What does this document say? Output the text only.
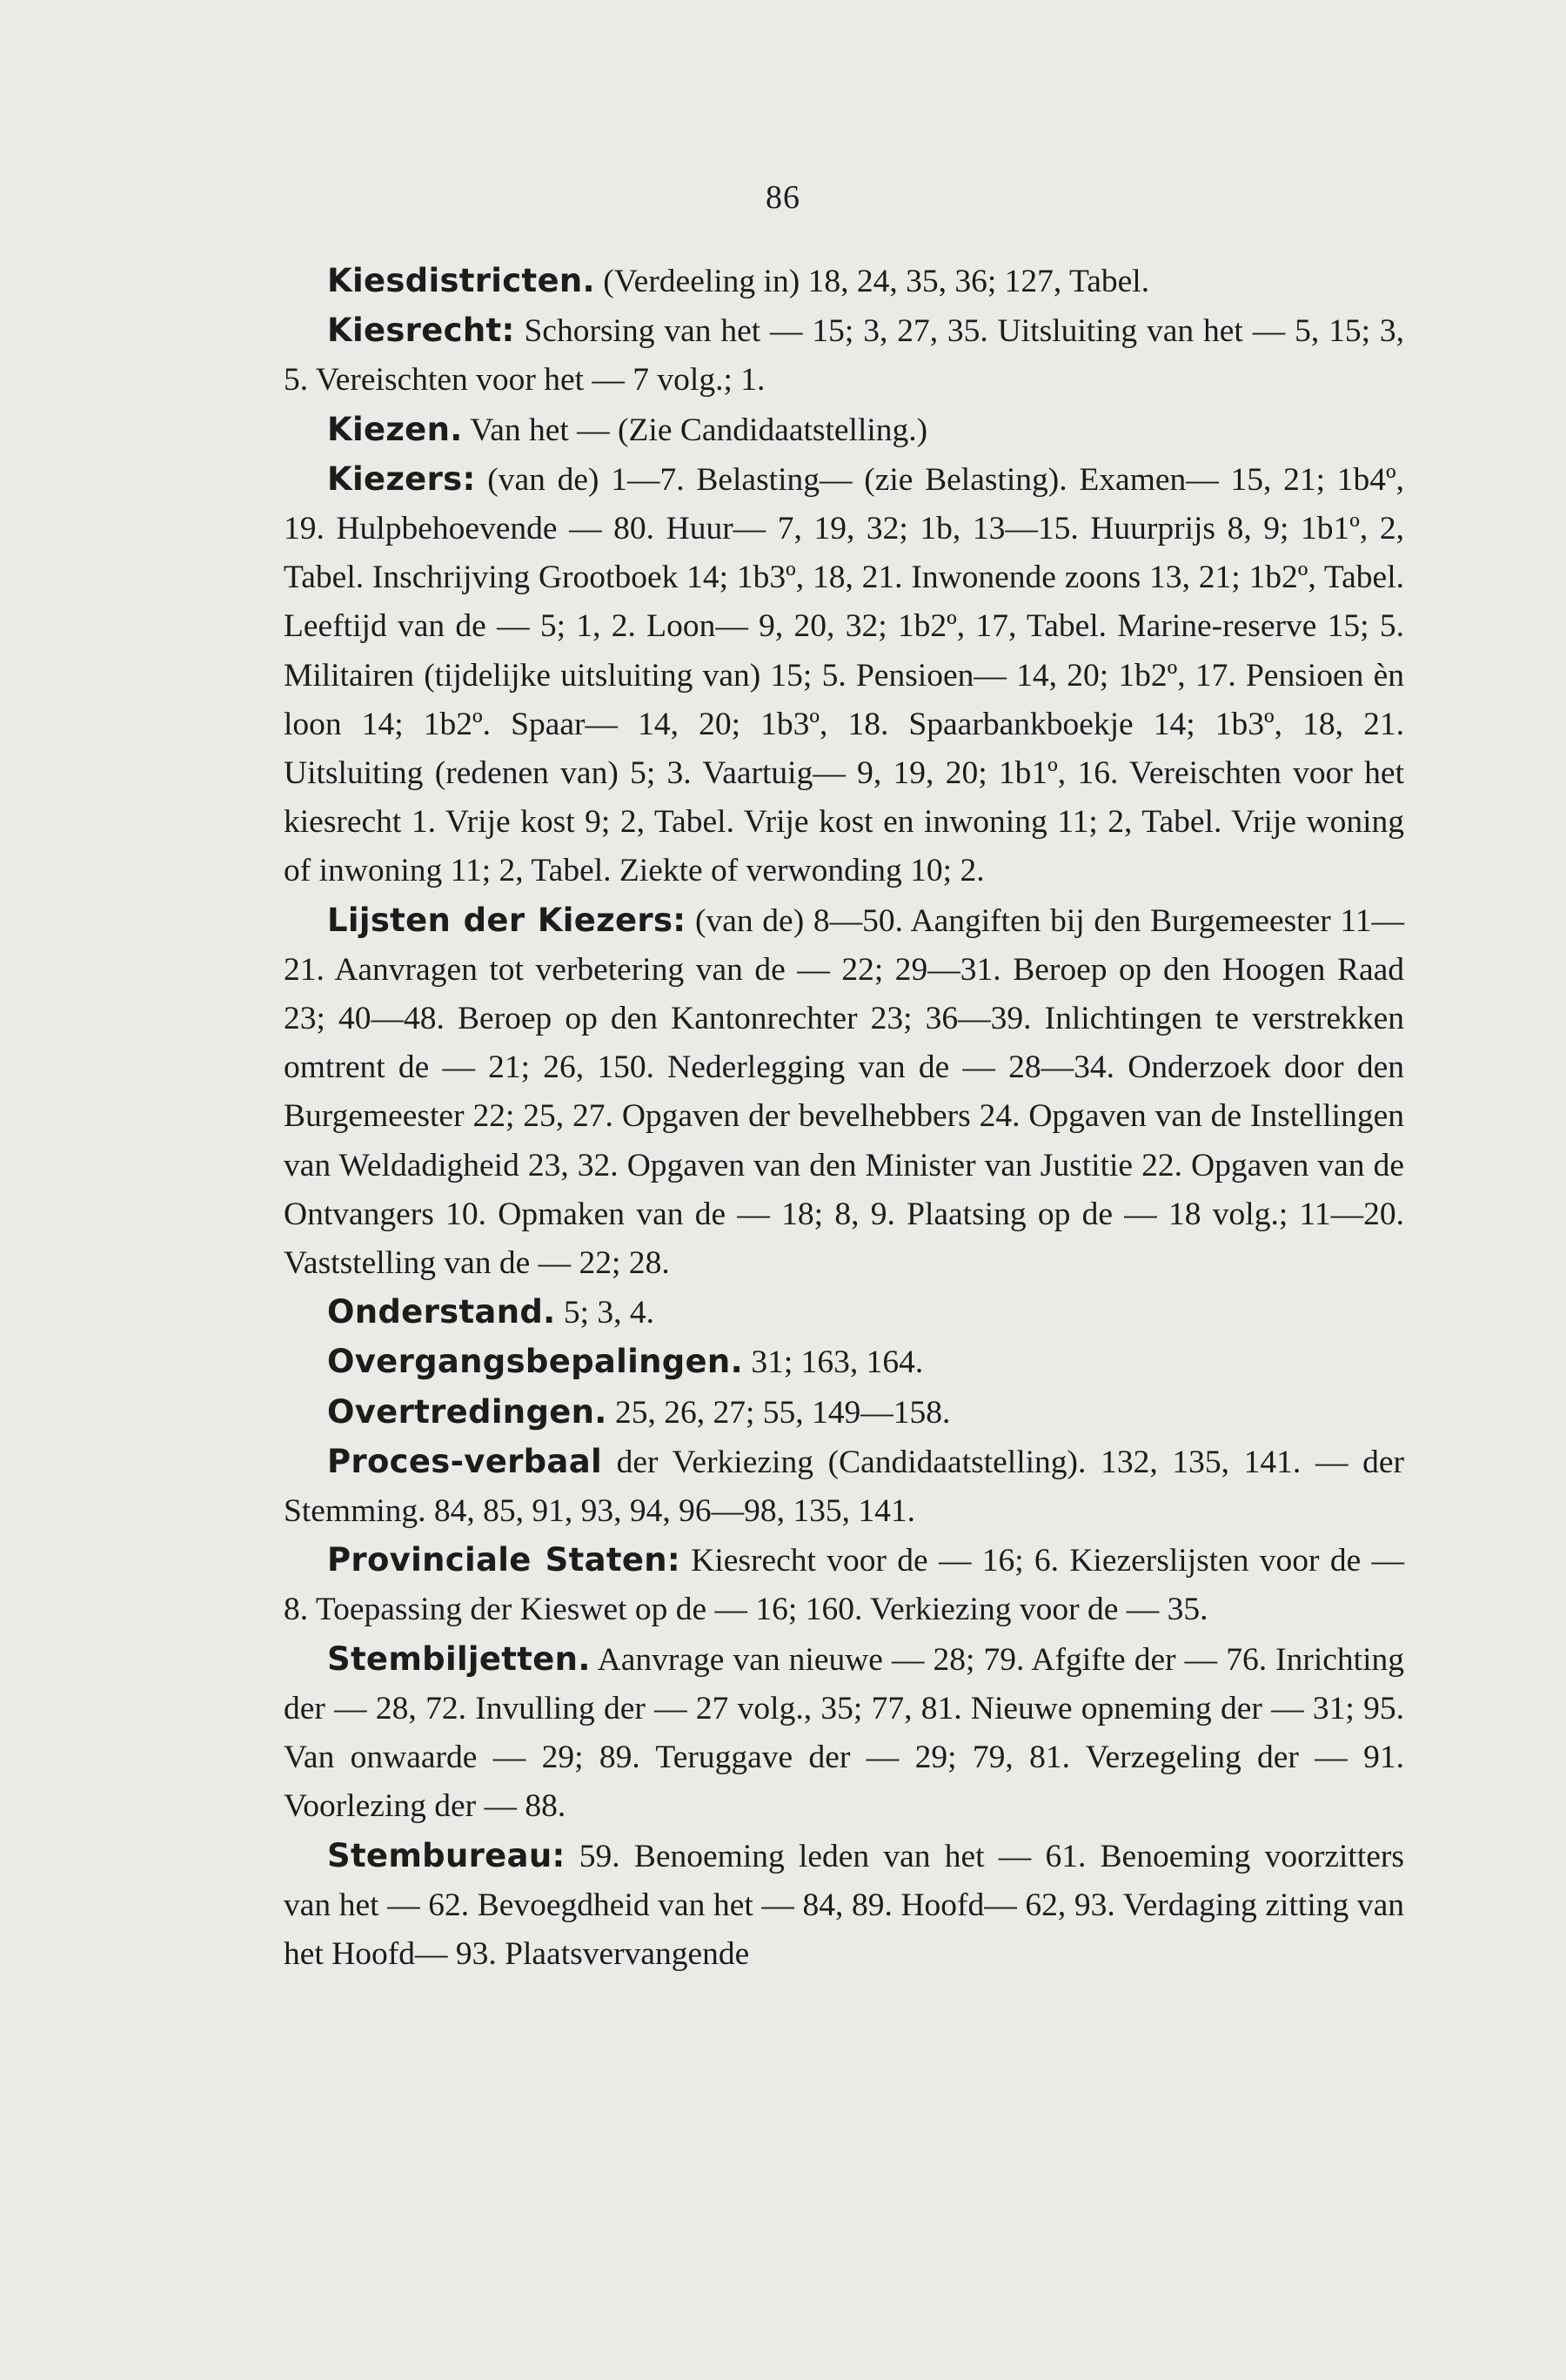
86

Kiesdistricten. (Verdeeling in) 18, 24, 35, 36; 127, Tabel.

Kiesrecht: Schorsing van het — 15; 3, 27, 35. Uitsluiting van het — 5, 15; 3, 5. Vereischten voor het — 7 volg.; 1.

Kiezen. Van het — (Zie Candidaatstelling.)

Kiezers: (van de) 1—7. Belasting— (zie Belasting). Examen— 15, 21; 1b4º, 19. Hulpbehoevende — 80. Huur— 7, 19, 32; 1b, 13—15. Huurprijs 8, 9; 1b1º, 2, Tabel. Inschrijving Grootboek 14; 1b3º, 18, 21. Inwonende zoons 13, 21; 1b2º, Tabel. Leeftijd van de — 5; 1, 2. Loon— 9, 20, 32; 1b2º, 17, Tabel. Marine-reserve 15; 5. Militairen (tijdelijke uitsluiting van) 15; 5. Pensioen— 14, 20; 1b2º, 17. Pensioen èn loon 14; 1b2º. Spaar— 14, 20; 1b3º, 18. Spaarbankboekje 14; 1b3º, 18, 21. Uitsluiting (redenen van) 5; 3. Vaartuig— 9, 19, 20; 1b1º, 16. Vereischten voor het kiesrecht 1. Vrije kost 9; 2, Tabel. Vrije kost en inwoning 11; 2, Tabel. Vrije woning of inwoning 11; 2, Tabel. Ziekte of verwonding 10; 2.

Lijsten der Kiezers: (van de) 8—50. Aangiften bij den Burgemeester 11—21. Aanvragen tot verbetering van de — 22; 29—31. Beroep op den Hoogen Raad 23; 40—48. Beroep op den Kantonrechter 23; 36—39. Inlichtingen te verstrekken omtrent de — 21; 26, 150. Nederlegging van de — 28—34. Onderzoek door den Burgemeester 22; 25, 27. Opgaven der bevelhebbers 24. Opgaven van de Instellingen van Weldadigheid 23, 32. Opgaven van den Minister van Justitie 22. Opgaven van de Ontvangers 10. Opmaken van de — 18; 8, 9. Plaatsing op de — 18 volg.; 11—20. Vaststelling van de — 22; 28.

Onderstand. 5; 3, 4.

Overgangsbepalingen. 31; 163, 164.

Overtredingen. 25, 26, 27; 55, 149—158.

Proces-verbaal der Verkiezing (Candidaatstelling). 132, 135, 141. — der Stemming. 84, 85, 91, 93, 94, 96—98, 135, 141.

Provinciale Staten: Kiesrecht voor de — 16; 6. Kiezerslijsten voor de — 8. Toepassing der Kieswet op de — 16; 160. Verkiezing voor de — 35.

Stembiljetten. Aanvrage van nieuwe — 28; 79. Afgifte der — 76. Inrichting der — 28, 72. Invulling der — 27 volg., 35; 77, 81. Nieuwe opneming der — 31; 95. Van onwaarde — 29; 89. Teruggave der — 29; 79, 81. Verzegeling der — 91. Voorlezing der — 88.

Stembureau: 59. Benoeming leden van het — 61. Benoeming voorzitters van het — 62. Bevoegdheid van het — 84, 89. Hoofd— 62, 93. Verdaging zitting van het Hoofd— 93. Plaatsvervangende
